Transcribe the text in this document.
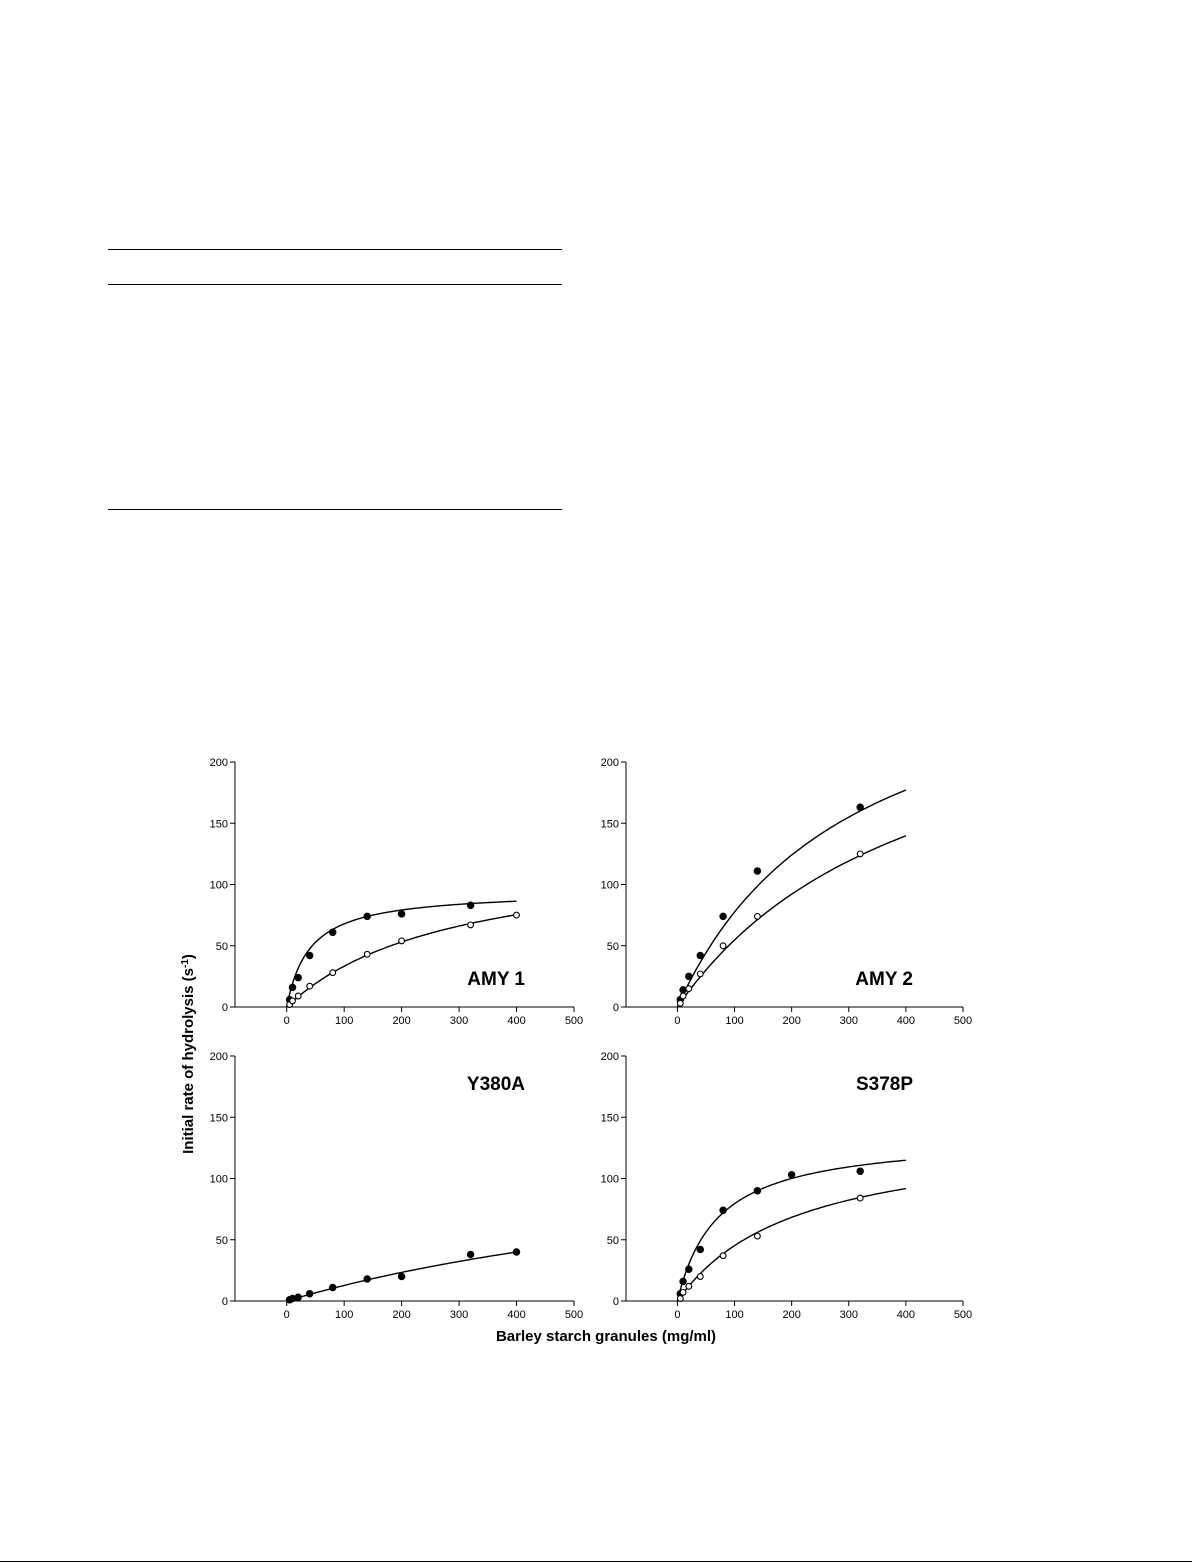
Initial rate of hydrolysis $(s^{-1})$
Barley starch granules (mg/ml)
0
50
100
150
200
0	100	200	300	400	500
AMY 1
0
50
100
150
200
0	100	200	300	400	500
AMY 2
0
50
100
150
200
0	100	200	300	400	500
Y380A
0
50
100
150
200
0	100	200	300	400	500
S378P
